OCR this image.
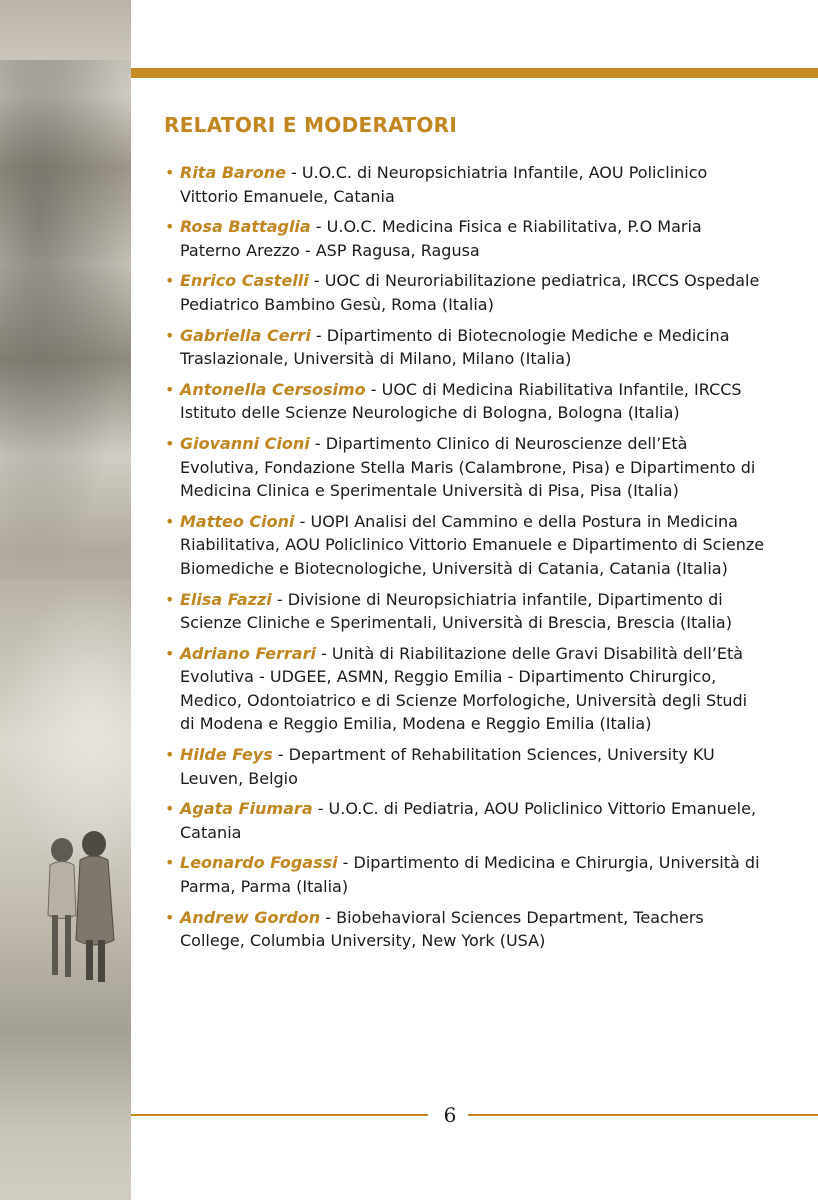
RELATORI E MODERATORI
• Rita Barone - U.O.C. di Neuropsichiatria Infantile, AOU Policlinico Vittorio Emanuele, Catania
• Rosa Battaglia - U.O.C. Medicina Fisica e Riabilitativa, P.O Maria Paterno Arezzo - ASP Ragusa, Ragusa
• Enrico Castelli - UOC di Neuroriabilitazione pediatrica, IRCCS Ospedale Pediatrico Bambino Gesù, Roma (Italia)
• Gabriella Cerri - Dipartimento di Biotecnologie Mediche e Medicina Traslazionale, Università di Milano, Milano (Italia)
• Antonella Cersosimo - UOC di Medicina Riabilitativa Infantile, IRCCS Istituto delle Scienze Neurologiche di Bologna, Bologna (Italia)
• Giovanni Cioni - Dipartimento Clinico di Neuroscienze dell’Età Evolutiva, Fondazione Stella Maris (Calambrone, Pisa) e Dipartimento di Medicina Clinica e Sperimentale Università di Pisa, Pisa (Italia)
• Matteo Cioni - UOPI Analisi del Cammino e della Postura in Medicina Riabilitativa, AOU Policlinico Vittorio Emanuele e Dipartimento di Scienze Biomediche e Biotecnologiche, Università di Catania, Catania (Italia)
• Elisa Fazzi - Divisione di Neuropsichiatria infantile, Dipartimento di Scienze Cliniche e Sperimentali, Università di Brescia, Brescia (Italia)
• Adriano Ferrari - Unità di Riabilitazione delle Gravi Disabilità dell’Età Evolutiva - UDGEE, ASMN, Reggio Emilia - Dipartimento Chirurgico, Medico, Odontoiatrico e di Scienze Morfologiche, Università degli Studi di Modena e Reggio Emilia, Modena e Reggio Emilia (Italia)
• Hilde Feys - Department of Rehabilitation Sciences, University KU Leuven, Belgio
• Agata Fiumara - U.O.C. di Pediatria, AOU Policlinico Vittorio Emanuele, Catania
• Leonardo Fogassi - Dipartimento di Medicina e Chirurgia, Università di Parma, Parma (Italia)
• Andrew Gordon - Biobehavioral Sciences Department, Teachers College, Columbia University, New York (USA)
6
